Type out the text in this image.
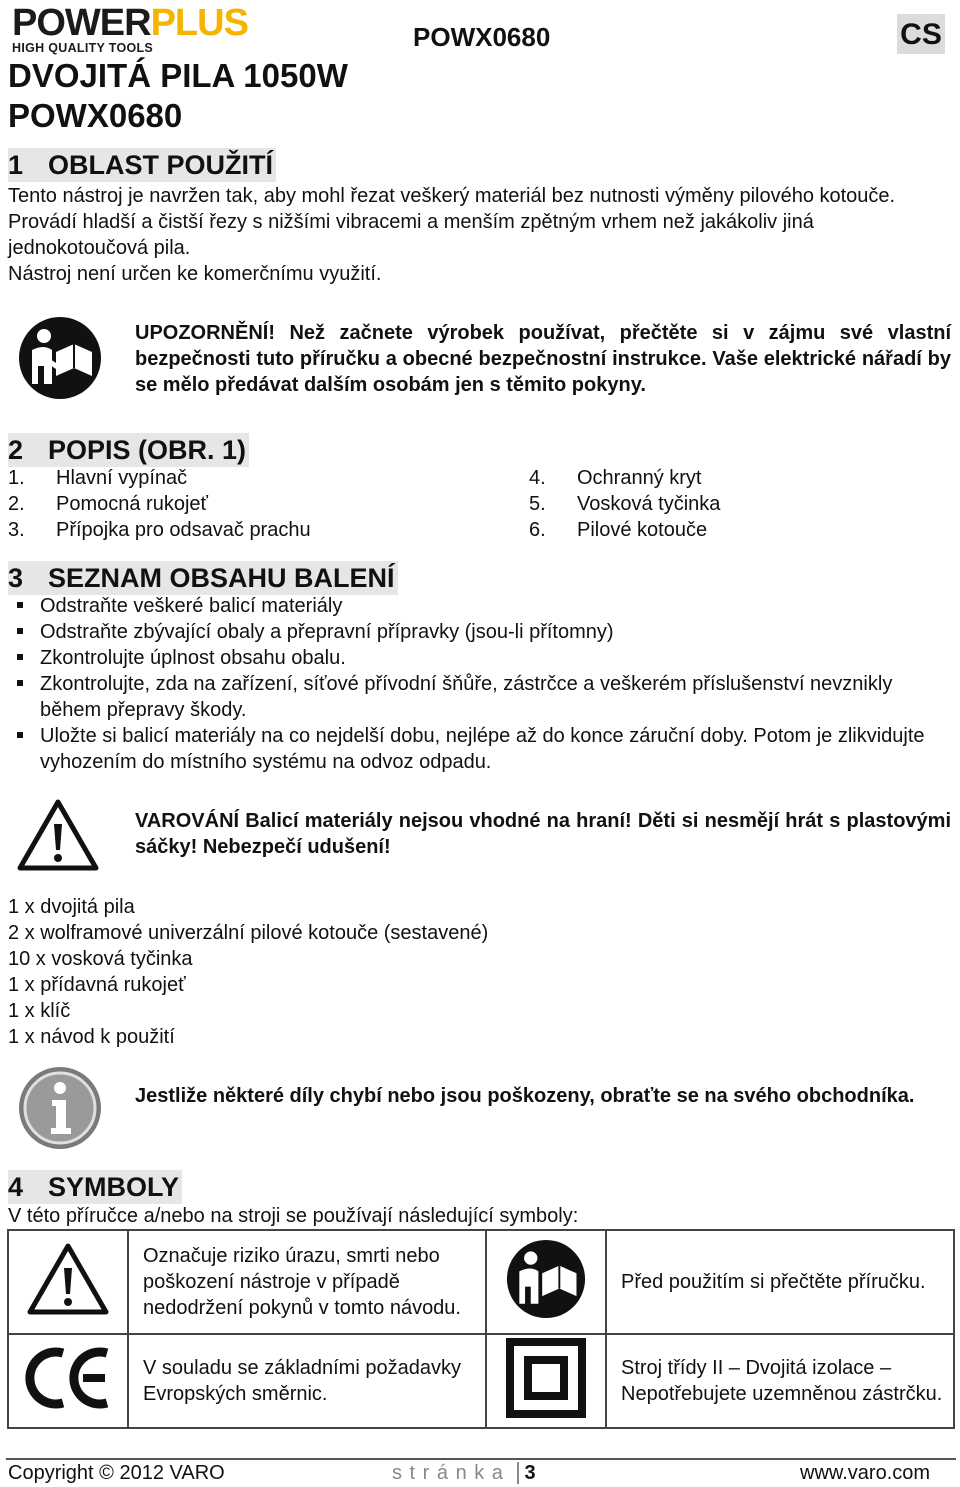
POWERPLUS
HIGH QUALITY TOOLS	POWX0680	CS
DVOJITÁ PILA 1050W
POWX0680
1 OBLAST POUŽITÍ
Tento nástroj je navržen tak, aby mohl řezat veškerý materiál bez nutnosti výměny pilového kotouče. Provádí hladší a čistší řezy s nižšími vibracemi a menším zpětným vrhem než jakákoliv jiná jednokotoučová pila.
Nástroj není určen ke komerčnímu využití.
UPOZORNĚNÍ! Než začnete výrobek používat, přečtěte si v zájmu své vlastní bezpečnosti tuto příručku a obecné bezpečnostní instrukce. Vaše elektrické nářadí by se mělo předávat dalším osobám jen s těmito pokyny.
2 POPIS (OBR. 1)
1. Hlavní vypínač
2. Pomocná rukojeť
3. Přípojka pro odsavač prachu
4. Ochranný kryt
5. Vosková tyčinka
6. Pilové kotouče
3 SEZNAM OBSAHU BALENÍ
Odstraňte veškeré balicí materiály
Odstraňte zbývající obaly a přepravní přípravky (jsou-li přítomny)
Zkontrolujte úplnost obsahu obalu.
Zkontrolujte, zda na zařízení, síťové přívodní šňůře, zástrčce a veškerém příslušenství nevznikly během přepravy škody.
Uložte si balicí materiály na co nejdelší dobu, nejlépe až do konce záruční doby. Potom je zlikvidujte vyhozením do místního systému na odvoz odpadu.
VAROVÁNÍ Balicí materiály nejsou vhodné na hraní! Děti si nesmějí hrát s plastovými sáčky! Nebezpečí udušení!
1 x dvojitá pila
2 x wolframové univerzální pilové kotouče (sestavené)
10 x vosková tyčinka
1 x přídavná rukojeť
1 x klíč
1 x návod k použití
Jestliže některé díly chybí nebo jsou poškozeny, obraťte se na svého obchodníka.
4 SYMBOLY
V této příručce a/nebo na stroji se používají následující symboly:
	Označuje riziko úrazu, smrti nebo poškození nástroje v případě nedodržení pokynů v tomto návodu.		Před použitím si přečtěte příručku.
	V souladu se základními požadavky Evropských směrnic.		Stroj třídy II – Dvojitá izolace – Nepotřebujete uzemněnou zástrčku.
Copyright © 2012 VARO	s t r á n k a 3	www.varo.com
